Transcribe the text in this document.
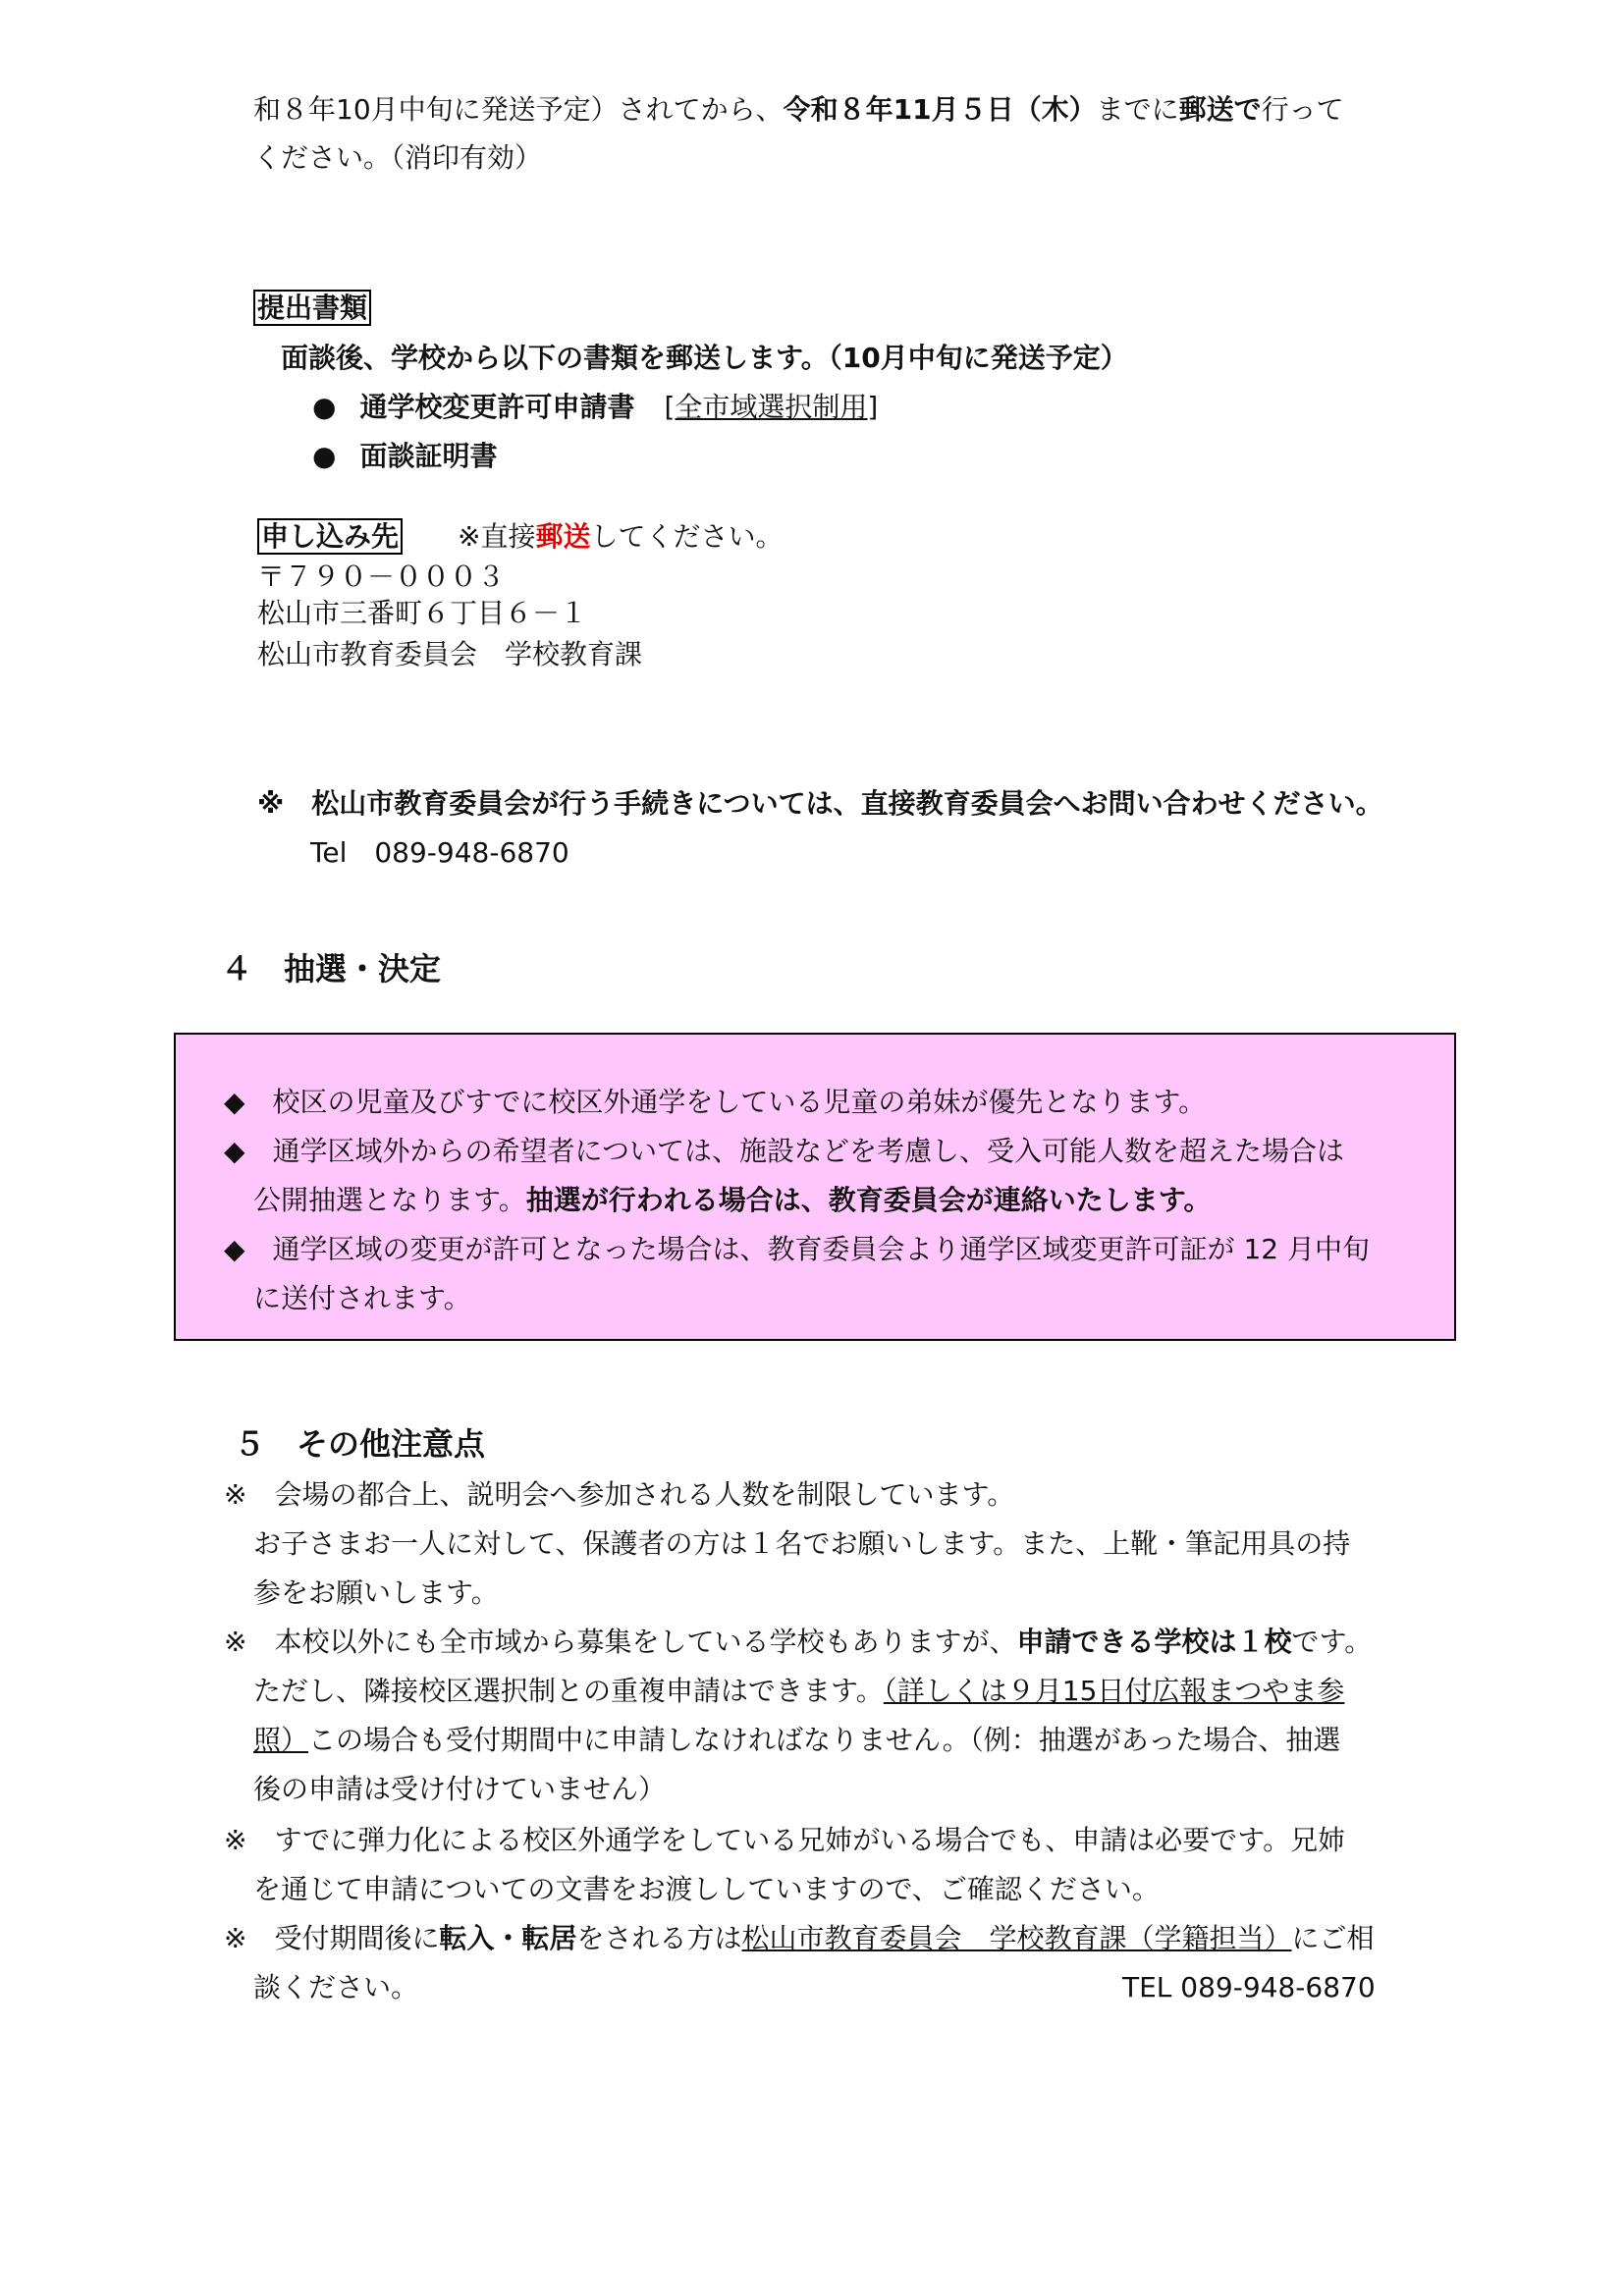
和８年10月中旬に発送予定）されてから、令和８年11月５日（木）までに郵送で行って
ください。（消印有効）
提出書類
面談後、学校から以下の書類を郵送します。（10月中旬に発送予定）
● 通学校変更許可申請書 [全市域選択制用]
● 面談証明書
申し込み先 ※直接郵送してください。
〒７９０－０００３
松山市三番町６丁目６－１
松山市教育委員会　学校教育課
※　松山市教育委員会が行う手続きについては、直接教育委員会へお問い合わせください。
Tel　089-948-6870
４　抽選・決定
◆　校区の児童及びすでに校区外通学をしている児童の弟妹が優先となります。
◆　通学区域外からの希望者については、施設などを考慮し、受入可能人数を超えた場合は
公開抽選となります。抽選が行われる場合は、教育委員会が連絡いたします。
◆　通学区域の変更が許可となった場合は、教育委員会より通学区域変更許可証が 12 月中旬
に送付されます。
５　その他注意点
※　会場の都合上、説明会へ参加される人数を制限しています。
お子さまお一人に対して、保護者の方は１名でお願いします。また、上靴・筆記用具の持
参をお願いします。
※　本校以外にも全市域から募集をしている学校もありますが、申請できる学校は１校です。
ただし、隣接校区選択制との重複申請はできます。（詳しくは９月15日付広報まつやま参
照）この場合も受付期間中に申請しなければなりません。（例：抽選があった場合、抽選
後の申請は受け付けていません）
※　すでに弾力化による校区外通学をしている兄姉がいる場合でも、申請は必要です。兄姉
を通じて申請についての文書をお渡ししていますので、ご確認ください。
※　受付期間後に転入・転居をされる方は松山市教育委員会　学校教育課（学籍担当）にご相
談ください。	TEL 089-948-6870
